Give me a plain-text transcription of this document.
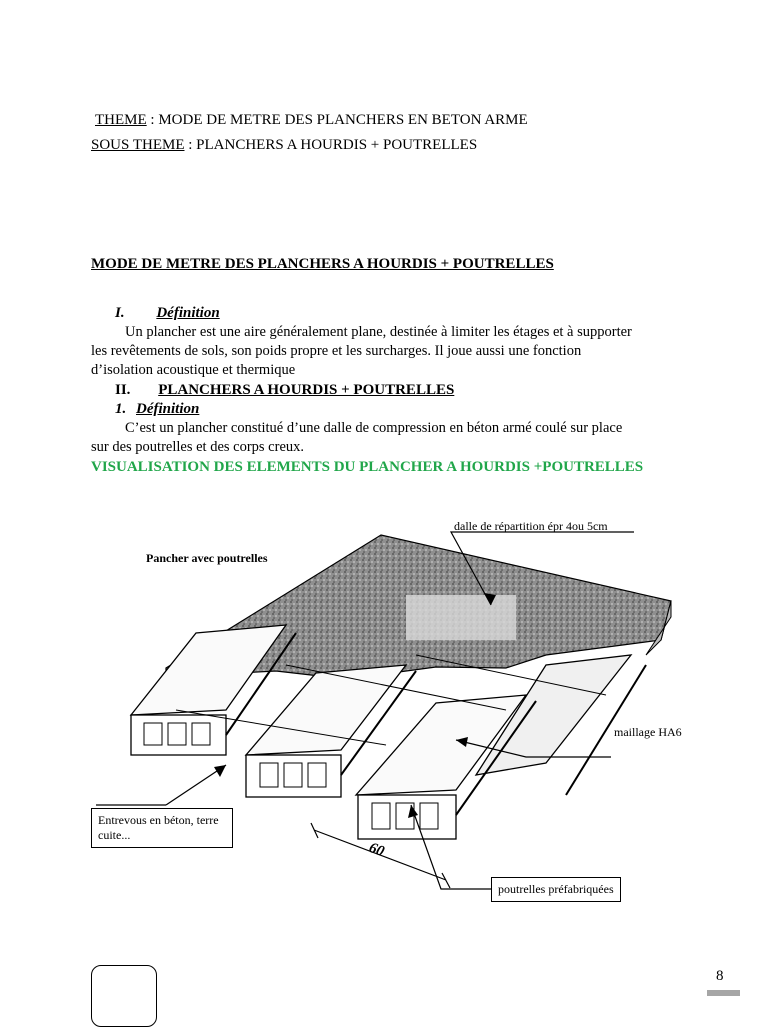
THEME : MODE DE METRE DES PLANCHERS EN BETON ARME
SOUS THEME : PLANCHERS A HOURDIS + POUTRELLES
MODE DE METRE DES PLANCHERS A HOURDIS + POUTRELLES
I. Définition
Un plancher est une aire généralement plane, destinée à limiter les étages et à supporter
les revêtements de sols, son poids propre et les surcharges. Il joue aussi une fonction
d’isolation acoustique et thermique
II. PLANCHERS A HOURDIS + POUTRELLES
1. Définition
C’est un plancher constitué d’une dalle de compression en béton armé coulé sur place
sur des poutrelles et des corps creux.
VISUALISATION DES ELEMENTS DU PLANCHER A HOURDIS +POUTRELLES
Pancher avec poutrelles
dalle de répartition épr 4ou 5cm
maillage HA6
Entrevous en béton, terre cuite...
poutrelles préfabriquées
60
8
